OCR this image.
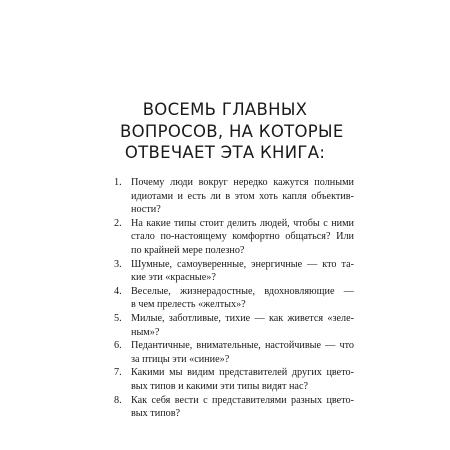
ВОСЕМЬ ГЛАВНЫХ
ВОПРОСОВ, НА КОТОРЫЕ
ОТВЕЧАЕТ ЭТА КНИГА:
1. Почему люди вокруг нередко кажутся полными
идиотами и есть ли в этом хоть капля объектив-
ности?
2. На какие типы стоит делить людей, чтобы с ними
стало по-настоящему комфортно общаться? Или
по крайней мере полезно?
3. Шумные, самоуверенные, энергичные — кто та-
кие эти «красные»?
4. Веселые, жизнерадостные, вдохновляющие —
в чем прелесть «желтых»?
5. Милые, заботливые, тихие — как живется «зеле-
ным»?
6. Педантичные, внимательные, настойчивые — что
за птицы эти «синие»?
7. Какими мы видим представителей других цвето-
вых типов и какими эти типы видят нас?
8. Как себя вести с представителями разных цвето-
вых типов?
